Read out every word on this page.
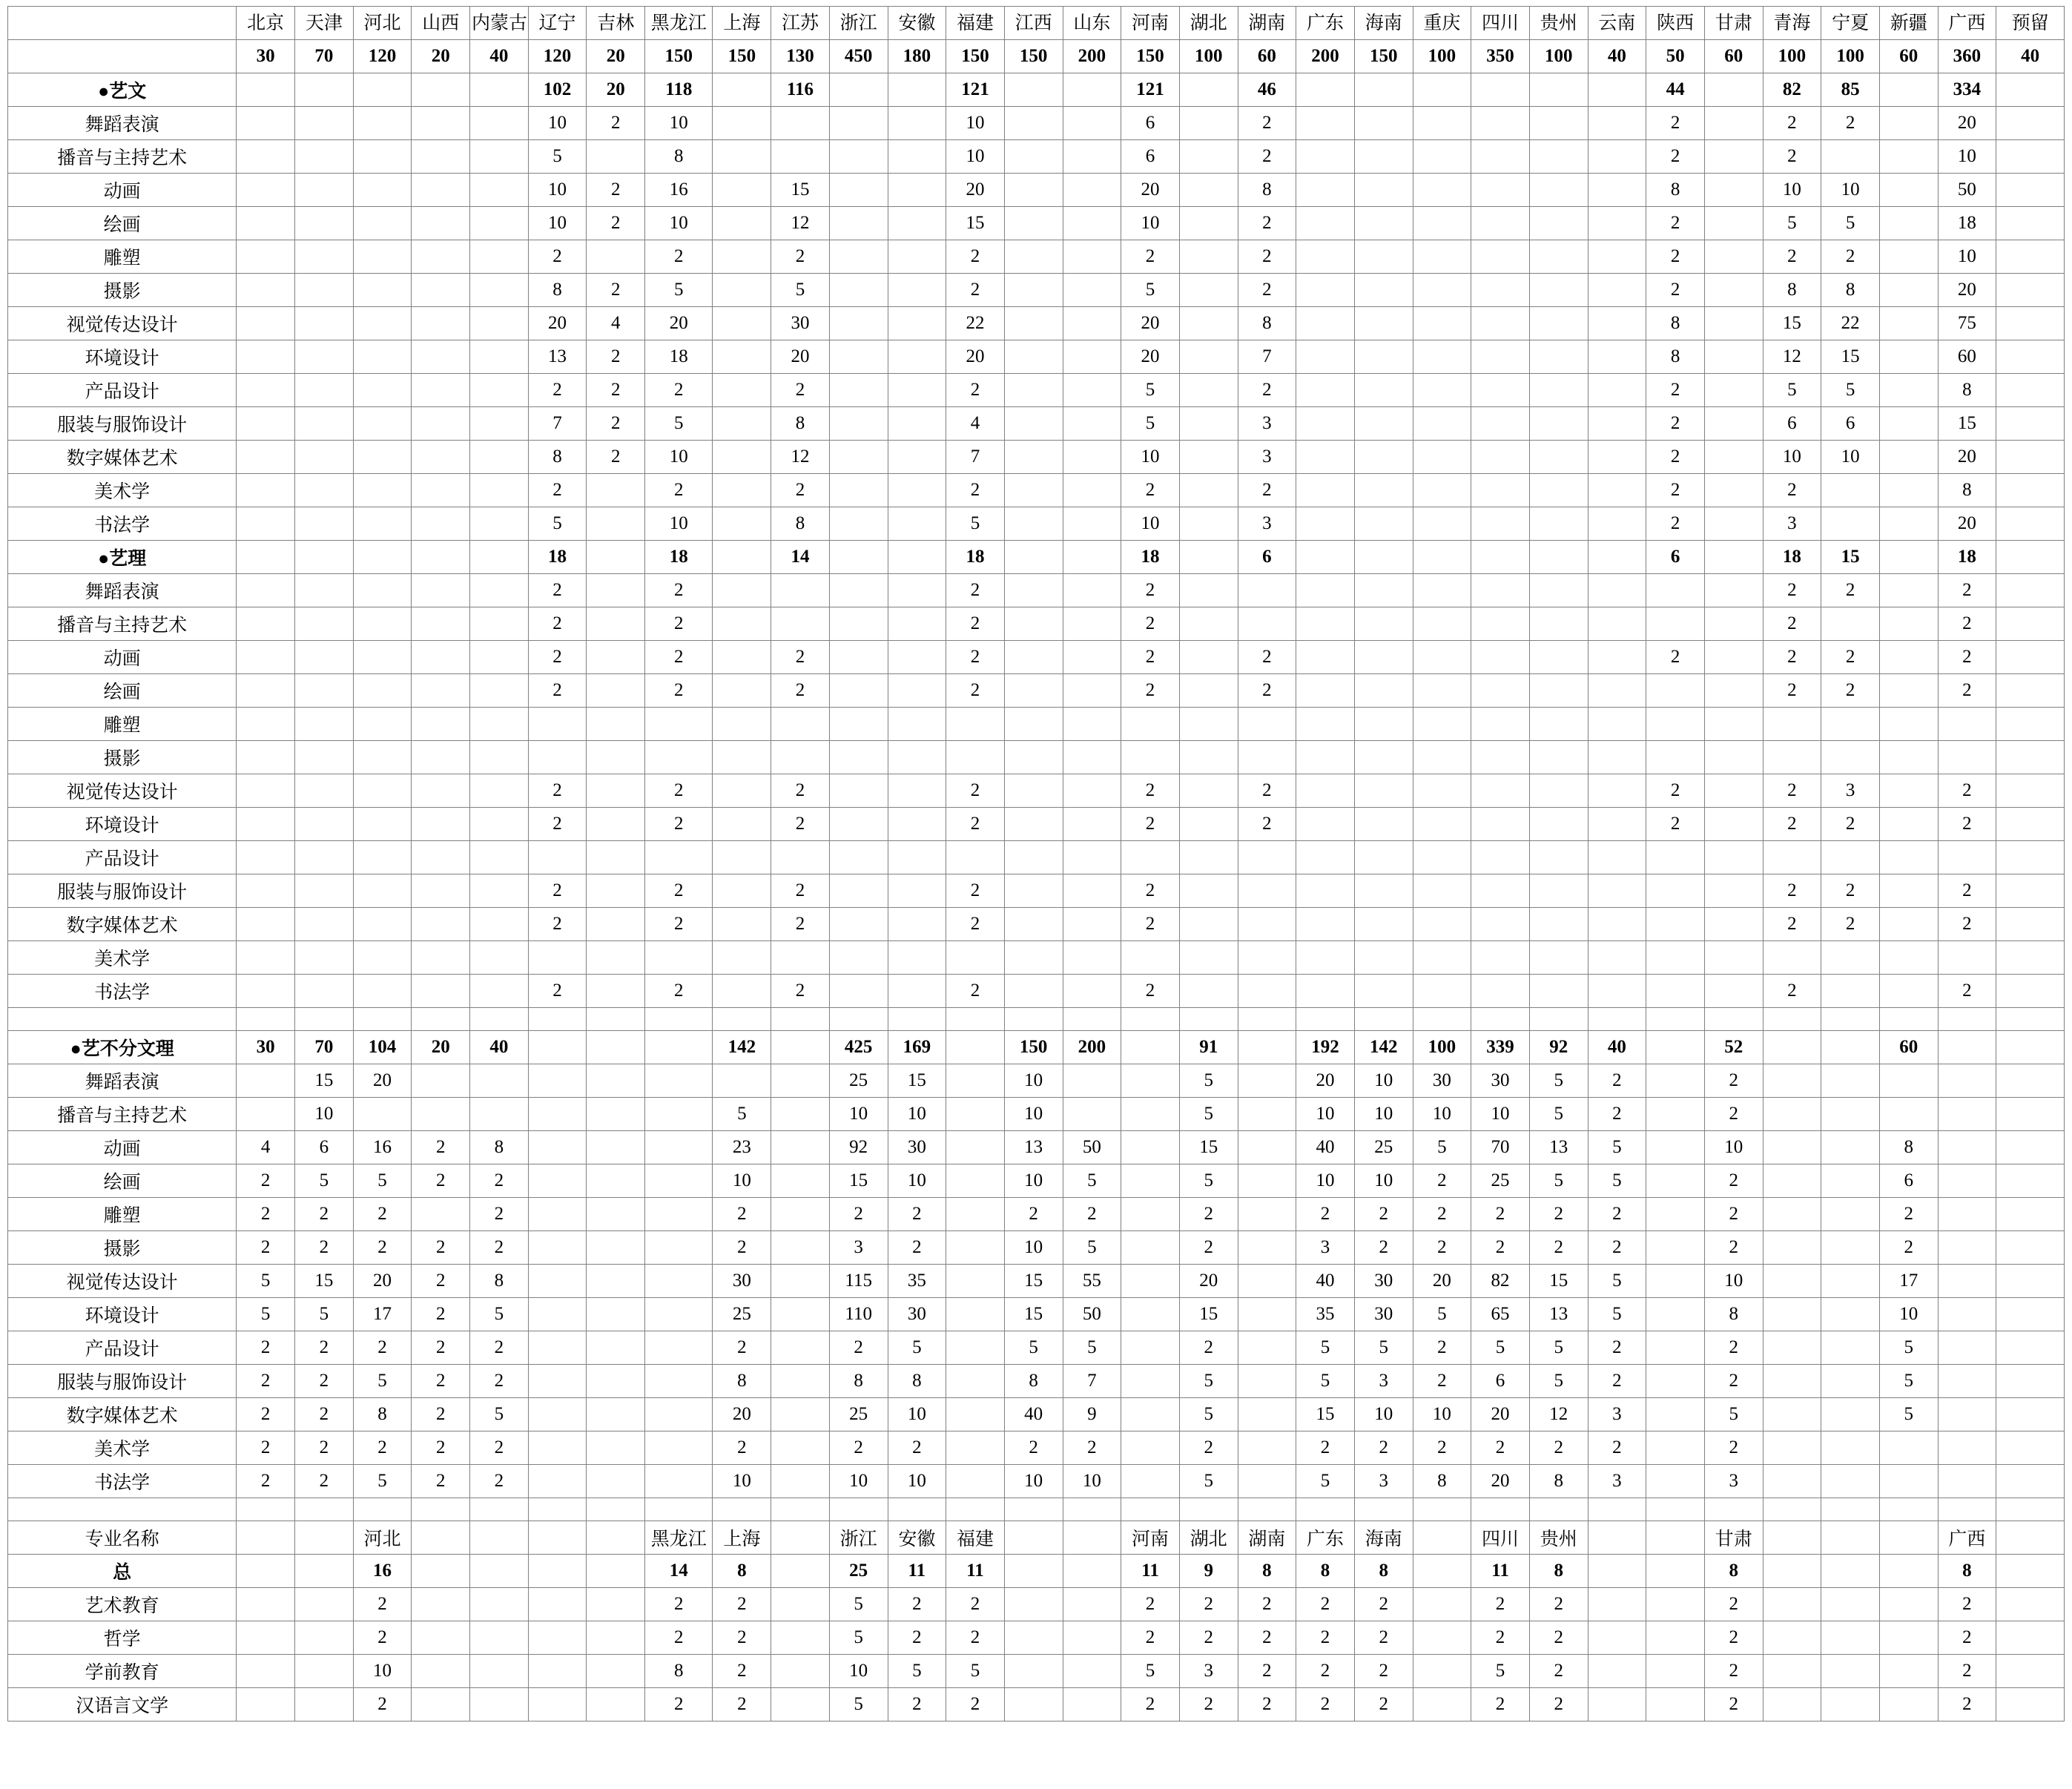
	北京	天津	河北	山西	内蒙古	辽宁	吉林	黑龙江	上海	江苏	浙江	安徽	福建	江西	山东	河南	湖北	湖南	广东	海南	重庆	四川	贵州	云南	陕西	甘肃	青海	宁夏	新疆	广西	预留
	30	70	120	20	40	120	20	150	150	130	450	180	150	150	200	150	100	60	200	150	100	350	100	40	50	60	100	100	60	360	40
●艺文						102	20	118		116			121			121		46							44		82	85		334	
舞蹈表演						10	2	10					10			6		2							2		2	2		20	
播音与主持艺术						5		8					10			6		2							2		2			10	
动画						10	2	16		15			20			20		8							8		10	10		50	
绘画						10	2	10		12			15			10		2							2		5	5		18	
雕塑						2		2		2			2			2		2							2		2	2		10	
摄影						8	2	5		5			2			5		2							2		8	8		20	
视觉传达设计						20	4	20		30			22			20		8							8		15	22		75	
环境设计						13	2	18		20			20			20		7							8		12	15		60	
产品设计						2	2	2		2			2			5		2							2		5	5		8	
服装与服饰设计						7	2	5		8			4			5		3							2		6	6		15	
数字媒体艺术						8	2	10		12			7			10		3							2		10	10		20	
美术学						2		2		2			2			2		2							2		2			8	
书法学						5		10		8			5			10		3							2		3			20	
●艺理						18		18		14			18			18		6							6		18	15		18	
舞蹈表演						2		2					2			2											2	2		2	
播音与主持艺术						2		2					2			2											2			2	
动画						2		2		2			2			2		2							2		2	2		2	
绘画						2		2		2			2			2		2									2	2		2	
雕塑																															
摄影																															
视觉传达设计						2		2		2			2			2		2							2		2	3		2	
环境设计						2		2		2			2			2		2							2		2	2		2	
产品设计																															
服装与服饰设计						2		2		2			2			2											2	2		2	
数字媒体艺术						2		2		2			2			2											2	2		2	
美术学																															
书法学						2		2		2			2			2											2			2	

●艺不分文理	30	70	104	20	40				142		425	169		150	200		91		192	142	100	339	92	40		52			60		
舞蹈表演		15	20								25	15		10			5		20	10	30	30	5	2		2					
播音与主持艺术		10							5		10	10		10			5		10	10	10	10	5	2		2					
动画	4	6	16	2	8				23		92	30		13	50		15		40	25	5	70	13	5		10			8		
绘画	2	5	5	2	2				10		15	10		10	5		5		10	10	2	25	5	5		2			6		
雕塑	2	2	2		2				2		2	2		2	2		2		2	2	2	2	2	2		2			2		
摄影	2	2	2	2	2				2		3	2		10	5		2		3	2	2	2	2	2		2			2		
视觉传达设计	5	15	20	2	8				30		115	35		15	55		20		40	30	20	82	15	5		10			17		
环境设计	5	5	17	2	5				25		110	30		15	50		15		35	30	5	65	13	5		8			10		
产品设计	2	2	2	2	2				2		2	5		5	5		2		5	5	2	5	5	2		2			5		
服装与服饰设计	2	2	5	2	2				8		8	8		8	7		5		5	3	2	6	5	2		2			5		
数字媒体艺术	2	2	8	2	5				20		25	10		40	9		5		15	10	10	20	12	3		5			5		
美术学	2	2	2	2	2				2		2	2		2	2		2		2	2	2	2	2	2		2					
书法学	2	2	5	2	2				10		10	10		10	10		5		5	3	8	20	8	3		3					

专业名称			河北					黑龙江	上海		浙江	安徽	福建			河南	湖北	湖南	广东	海南		四川	贵州			甘肃				广西	
总			16					14	8		25	11	11			11	9	8	8	8		11	8			8				8	
艺术教育			2					2	2		5	2	2			2	2	2	2	2		2	2			2				2	
哲学			2					2	2		5	2	2			2	2	2	2	2		2	2			2				2	
学前教育			10					8	2		10	5	5			5	3	2	2	2		5	2			2				2	
汉语言文学			2					2	2		5	2	2			2	2	2	2	2		2	2			2				2	
